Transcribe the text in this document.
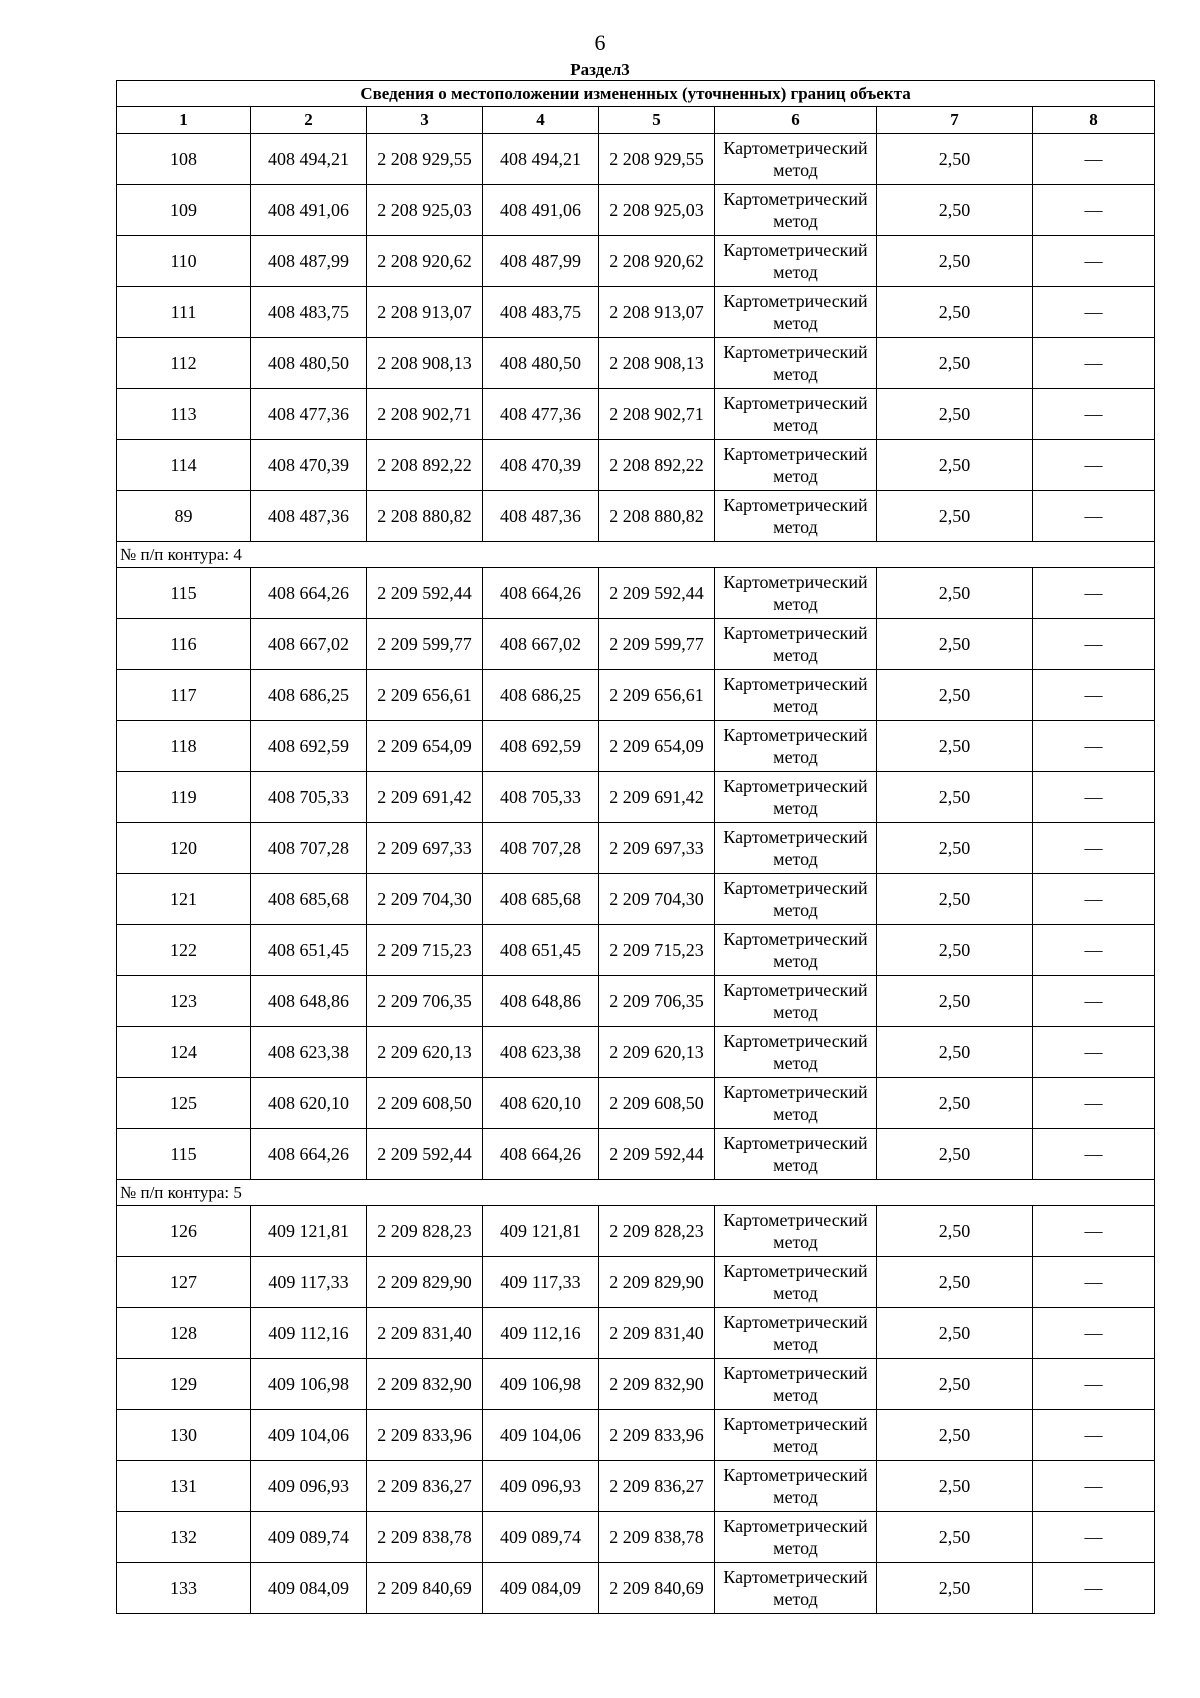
6
Раздел3
Сведения о местоположении измененных (уточненных) границ объекта							
1	2	3	4	5	6	7	8
108	408 494,21	2 208 929,55	408 494,21	2 208 929,55	Картометрический метод	2,50	—
109	408 491,06	2 208 925,03	408 491,06	2 208 925,03	Картометрический метод	2,50	—
110	408 487,99	2 208 920,62	408 487,99	2 208 920,62	Картометрический метод	2,50	—
111	408 483,75	2 208 913,07	408 483,75	2 208 913,07	Картометрический метод	2,50	—
112	408 480,50	2 208 908,13	408 480,50	2 208 908,13	Картометрический метод	2,50	—
113	408 477,36	2 208 902,71	408 477,36	2 208 902,71	Картометрический метод	2,50	—
114	408 470,39	2 208 892,22	408 470,39	2 208 892,22	Картометрический метод	2,50	—
89	408 487,36	2 208 880,82	408 487,36	2 208 880,82	Картометрический метод	2,50	—
№ п/п контура: 4							
115	408 664,26	2 209 592,44	408 664,26	2 209 592,44	Картометрический метод	2,50	—
116	408 667,02	2 209 599,77	408 667,02	2 209 599,77	Картометрический метод	2,50	—
117	408 686,25	2 209 656,61	408 686,25	2 209 656,61	Картометрический метод	2,50	—
118	408 692,59	2 209 654,09	408 692,59	2 209 654,09	Картометрический метод	2,50	—
119	408 705,33	2 209 691,42	408 705,33	2 209 691,42	Картометрический метод	2,50	—
120	408 707,28	2 209 697,33	408 707,28	2 209 697,33	Картометрический метод	2,50	—
121	408 685,68	2 209 704,30	408 685,68	2 209 704,30	Картометрический метод	2,50	—
122	408 651,45	2 209 715,23	408 651,45	2 209 715,23	Картометрический метод	2,50	—
123	408 648,86	2 209 706,35	408 648,86	2 209 706,35	Картометрический метод	2,50	—
124	408 623,38	2 209 620,13	408 623,38	2 209 620,13	Картометрический метод	2,50	—
125	408 620,10	2 209 608,50	408 620,10	2 209 608,50	Картометрический метод	2,50	—
115	408 664,26	2 209 592,44	408 664,26	2 209 592,44	Картометрический метод	2,50	—
№ п/п контура: 5							
126	409 121,81	2 209 828,23	409 121,81	2 209 828,23	Картометрический метод	2,50	—
127	409 117,33	2 209 829,90	409 117,33	2 209 829,90	Картометрический метод	2,50	—
128	409 112,16	2 209 831,40	409 112,16	2 209 831,40	Картометрический метод	2,50	—
129	409 106,98	2 209 832,90	409 106,98	2 209 832,90	Картометрический метод	2,50	—
130	409 104,06	2 209 833,96	409 104,06	2 209 833,96	Картометрический метод	2,50	—
131	409 096,93	2 209 836,27	409 096,93	2 209 836,27	Картометрический метод	2,50	—
132	409 089,74	2 209 838,78	409 089,74	2 209 838,78	Картометрический метод	2,50	—
133	409 084,09	2 209 840,69	409 084,09	2 209 840,69	Картометрический метод	2,50	—
